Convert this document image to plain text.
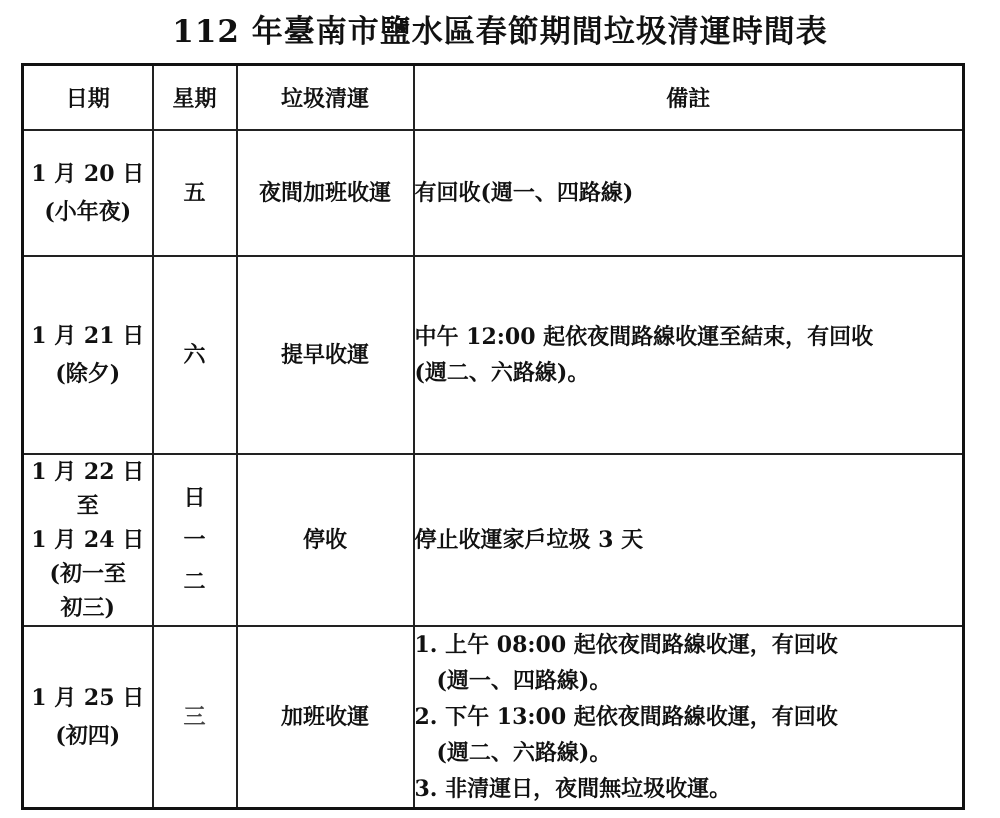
112 年臺南市鹽水區春節期間垃圾清運時間表
日期	星期	垃圾清運	備註

1 月 20 日
(小年夜)	五	夜間加班收運	有回收(週一、四路線)

1 月 21 日
(除夕)	六	提早收運	中午 12:00 起依夜間路線收運至結束，有回收
(週二、六路線)。

1 月 22 日
至
1 月 24 日
(初一至
初三)	日
一
二	停收	停止收運家戶垃圾 3 天

1 月 25 日
(初四)	三	加班收運	1. 上午 08:00 起依夜間路線收運，有回收
(週一、四路線)。
2. 下午 13:00 起依夜間路線收運，有回收
(週二、六路線)。
3. 非清運日，夜間無垃圾收運。
